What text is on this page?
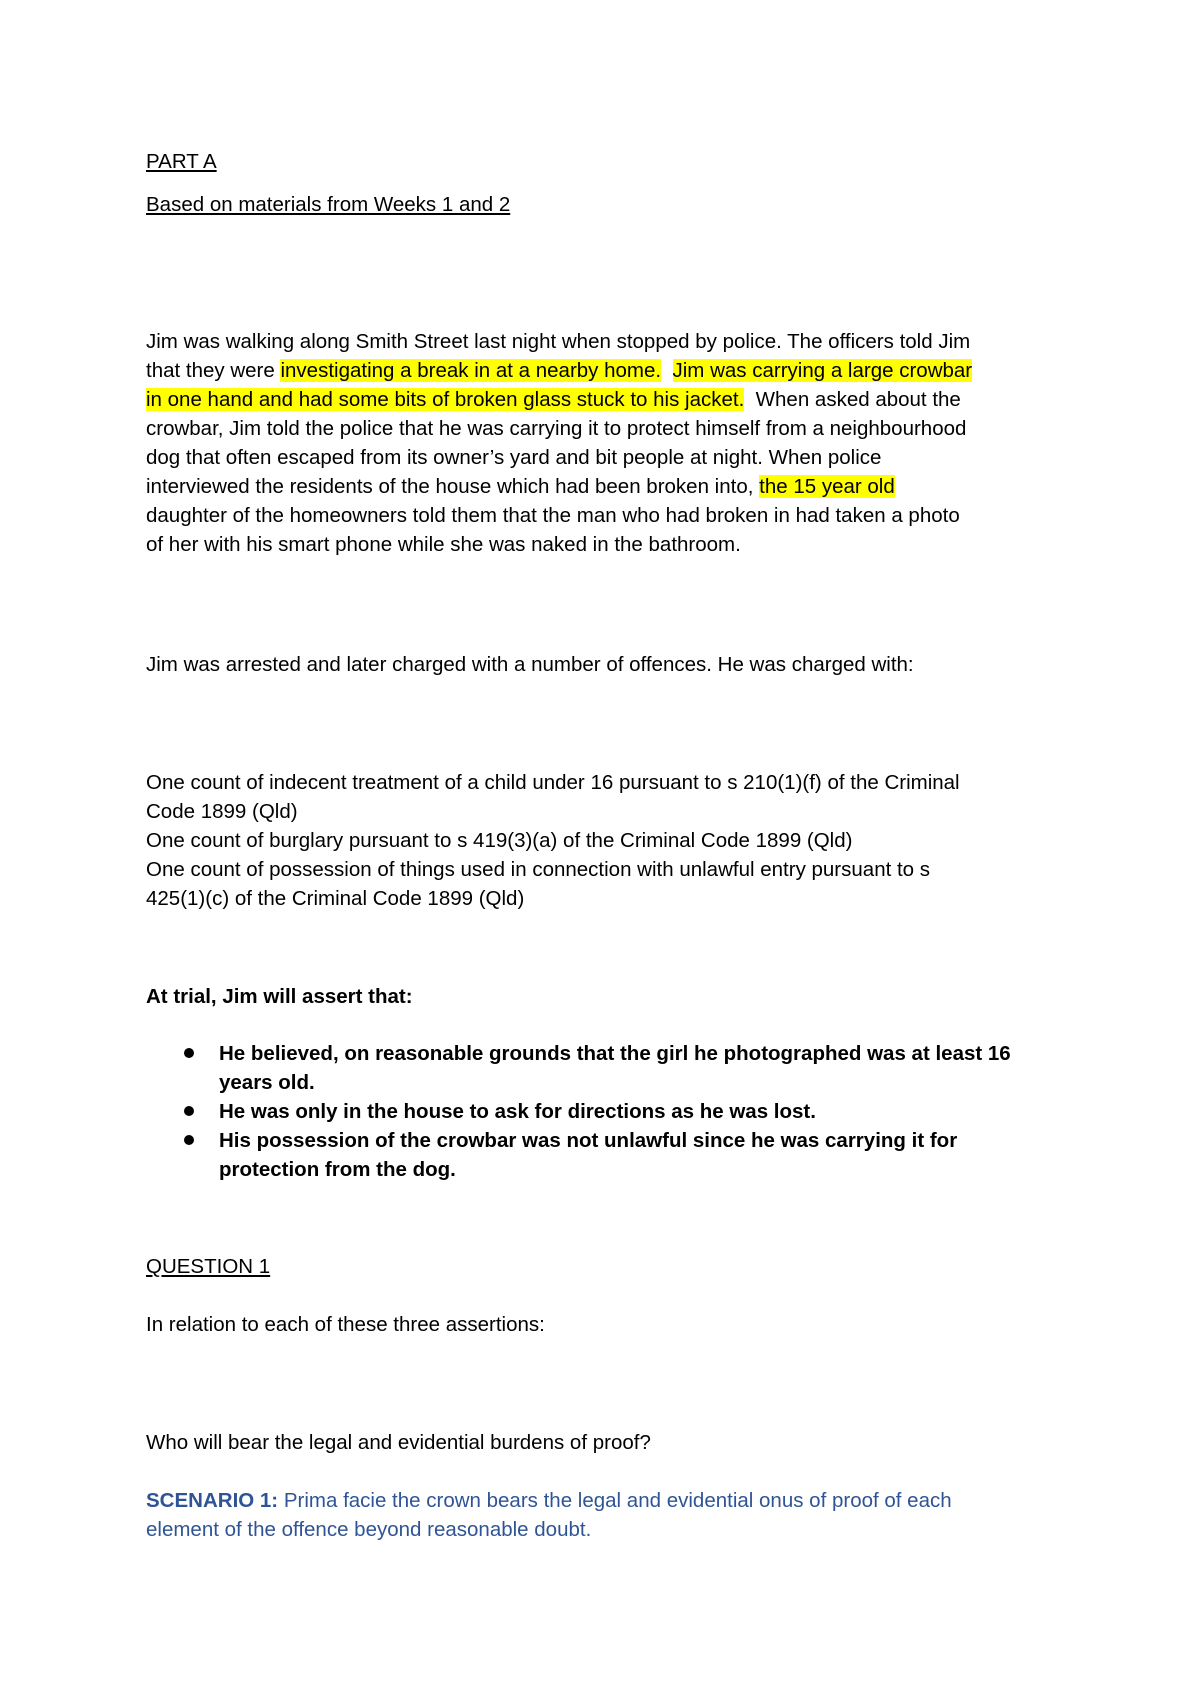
PART A
Based on materials from Weeks 1 and 2
Jim was walking along Smith Street last night when stopped by police. The officers told Jim
that they were investigating a break in at a nearby home. Jim was carrying a large crowbar
in one hand and had some bits of broken glass stuck to his jacket.  When asked about the
crowbar, Jim told the police that he was carrying it to protect himself from a neighbourhood
dog that often escaped from its owner’s yard and bit people at night. When police
interviewed the residents of the house which had been broken into, the 15 year old
daughter of the homeowners told them that the man who had broken in had taken a photo
of her with his smart phone while she was naked in the bathroom.
Jim was arrested and later charged with a number of offences. He was charged with:
One count of indecent treatment of a child under 16 pursuant to s 210(1)(f) of the Criminal
Code 1899 (Qld)
One count of burglary pursuant to s 419(3)(a) of the Criminal Code 1899 (Qld)
One count of possession of things used in connection with unlawful entry pursuant to s
425(1)(c) of the Criminal Code 1899 (Qld)
At trial, Jim will assert that:
He believed, on reasonable grounds that the girl he photographed was at least 16
years old.
He was only in the house to ask for directions as he was lost.
His possession of the crowbar was not unlawful since he was carrying it for
protection from the dog.
QUESTION 1
In relation to each of these three assertions:
Who will bear the legal and evidential burdens of proof?
SCENARIO 1: Prima facie the crown bears the legal and evidential onus of proof of each
element of the offence beyond reasonable doubt.
